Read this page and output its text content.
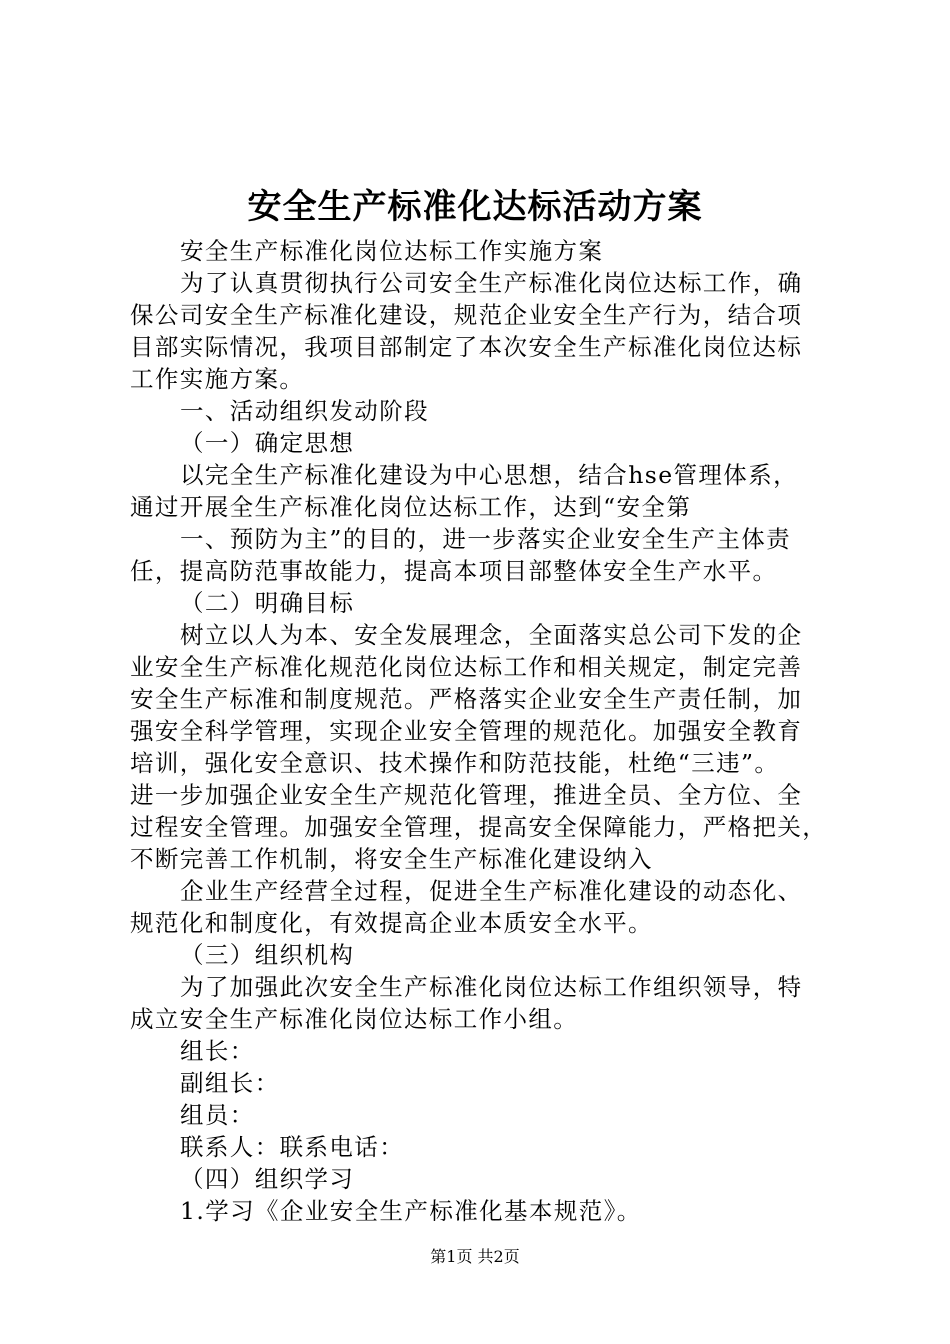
安全生产标准化达标活动方案
安全生产标准化岗位达标工作实施方案
为了认真贯彻执行公司安全生产标准化岗位达标工作，确
保公司安全生产标准化建设，规范企业安全生产行为，结合项
目部实际情况，我项目部制定了本次安全生产标准化岗位达标
工作实施方案。
一、活动组织发动阶段
（一）确定思想
以完全生产标准化建设为中心思想，结合hse管理体系，
通过开展全生产标准化岗位达标工作，达到“安全第
一、预防为主”的目的，进一步落实企业安全生产主体责
任，提高防范事故能力，提高本项目部整体安全生产水平。
（二）明确目标
树立以人为本、安全发展理念，全面落实总公司下发的企
业安全生产标准化规范化岗位达标工作和相关规定，制定完善
安全生产标准和制度规范。严格落实企业安全生产责任制，加
强安全科学管理，实现企业安全管理的规范化。加强安全教育
培训，强化安全意识、技术操作和防范技能，杜绝“三违”。
进一步加强企业安全生产规范化管理，推进全员、全方位、全
过程安全管理。加强安全管理，提高安全保障能力，严格把关，
不断完善工作机制，将安全生产标准化建设纳入
企业生产经营全过程，促进全生产标准化建设的动态化、
规范化和制度化，有效提高企业本质安全水平。
（三）组织机构
为了加强此次安全生产标准化岗位达标工作组织领导，特
成立安全生产标准化岗位达标工作小组。
组长：
副组长：
组员：
联系人：联系电话：
（四）组织学习
1.学习《企业安全生产标准化基本规范》。
第1页 共2页
